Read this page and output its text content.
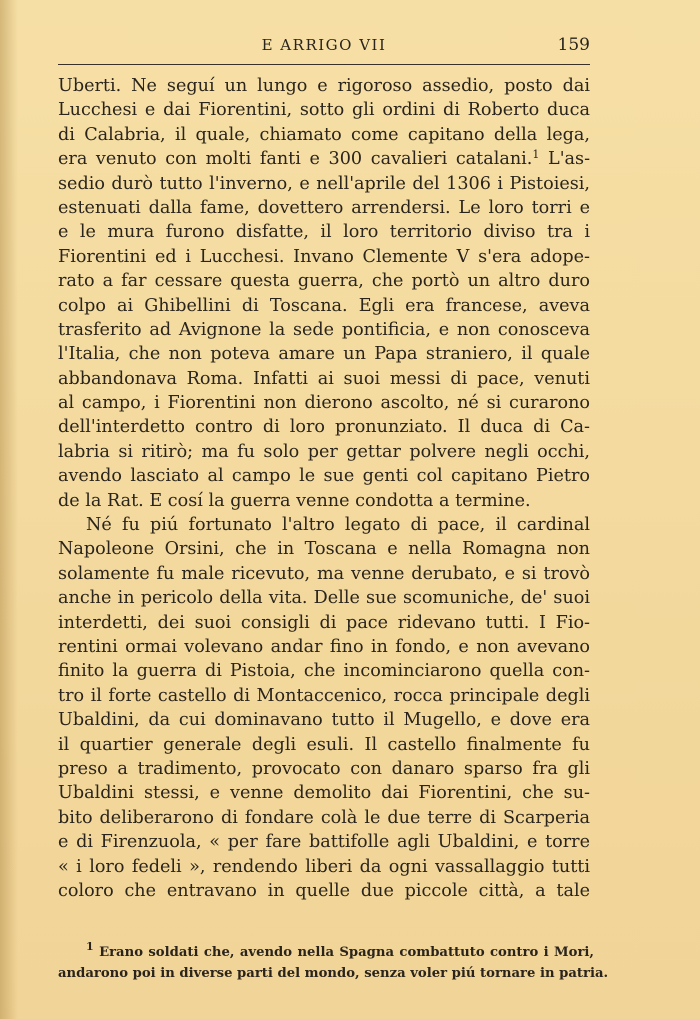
E ARRIGO VII	159
Uberti. Ne seguí un lungo e rigoroso assedio, posto dai
Lucchesi e dai Fiorentini, sotto gli ordini di Roberto duca
di Calabria, il quale, chiamato come capitano della lega,
era venuto con molti fanti e 300 cavalieri catalani.$^1$ L'as-
sedio durò tutto l'inverno, e nell'aprile del 1306 i Pistoiesi,
estenuati dalla fame, dovettero arrendersi. Le loro torri e
e le mura furono disfatte, il loro territorio diviso tra i
Fiorentini ed i Lucchesi. Invano Clemente V s'era adope-
rato a far cessare questa guerra, che portò un altro duro
colpo ai Ghibellini di Toscana. Egli era francese, aveva
trasferito ad Avignone la sede pontificia, e non conosceva
l'Italia, che non poteva amare un Papa straniero, il quale
abbandonava Roma. Infatti ai suoi messi di pace, venuti
al campo, i Fiorentini non dierono ascolto, né si curarono
dell'interdetto contro di loro pronunziato. Il duca di Ca-
labria si ritirò; ma fu solo per gettar polvere negli occhi,
avendo lasciato al campo le sue genti col capitano Pietro
de la Rat. E cosí la guerra venne condotta a termine.
Né fu piú fortunato l'altro legato di pace, il cardinal
Napoleone Orsini, che in Toscana e nella Romagna non
solamente fu male ricevuto, ma venne derubato, e si trovò
anche in pericolo della vita. Delle sue scomuniche, de' suoi
interdetti, dei suoi consigli di pace ridevano tutti. I Fio-
rentini ormai volevano andar fino in fondo, e non avevano
finito la guerra di Pistoia, che incominciarono quella con-
tro il forte castello di Montaccenico, rocca principale degli
Ubaldini, da cui dominavano tutto il Mugello, e dove era
il quartier generale degli esuli. Il castello finalmente fu
preso a tradimento, provocato con danaro sparso fra gli
Ubaldini stessi, e venne demolito dai Fiorentini, che su-
bito deliberarono di fondare colà le due terre di Scarperia
e di Firenzuola, « per fare battifolle agli Ubaldini, e torre
« i loro fedeli », rendendo liberi da ogni vassallaggio tutti
coloro che entravano in quelle due piccole città, a tale
$^1$ Erano soldati che, avendo nella Spagna combattuto contro i Mori,
andarono poi in diverse parti del mondo, senza voler piú tornare in patria.
